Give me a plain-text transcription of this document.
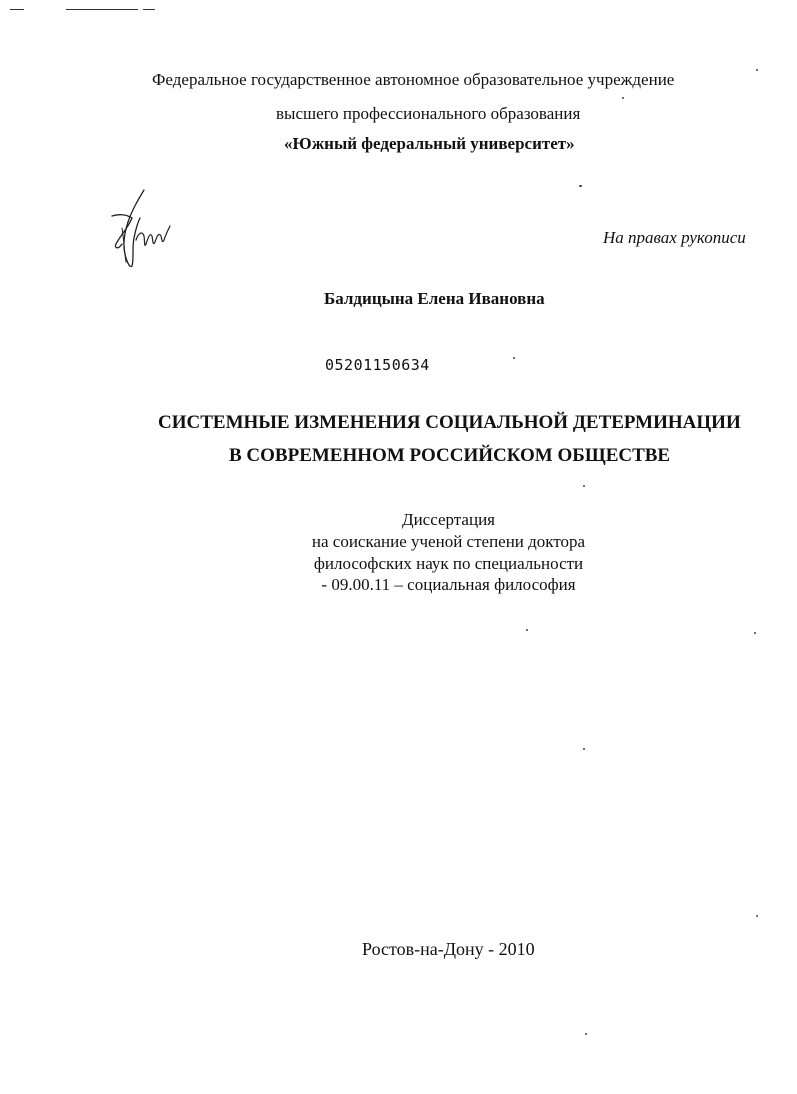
Федеральное государственное автономное образовательное учреждение
высшего профессионального образования
«Южный федеральный университет»
На правах рукописи
Балдицына Елена Ивановна
05201150634
СИСТЕМНЫЕ ИЗМЕНЕНИЯ СОЦИАЛЬНОЙ ДЕТЕРМИНАЦИИ
В СОВРЕМЕННОМ РОССИЙСКОМ ОБЩЕСТВЕ
Диссертация
на соискание ученой степени доктора
философских наук по специальности
- 09.00.11 – социальная философия
Ростов-на-Дону - 2010
